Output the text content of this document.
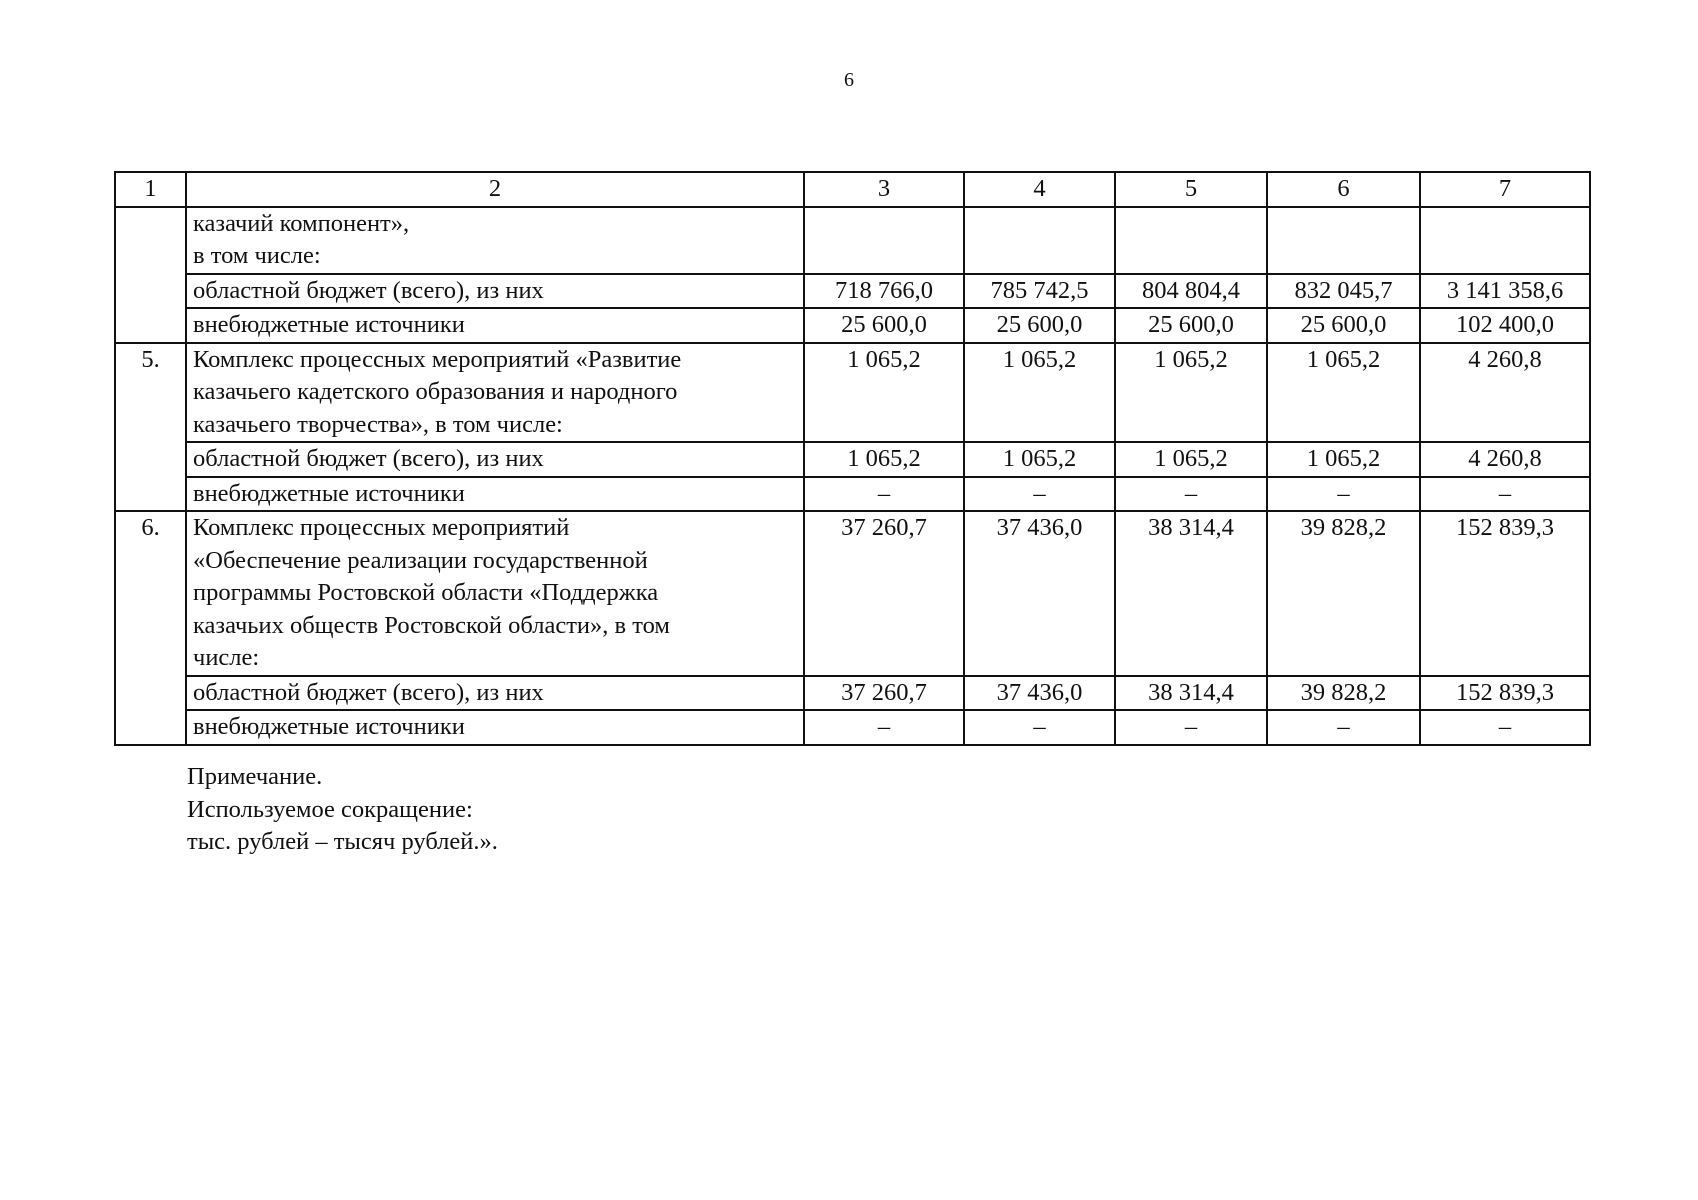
6
1	2	3	4	5	6	7

	казачий компонент»,
в том числе:					

	областной бюджет (всего), из них	718 766,0	785 742,5	804 804,4	832 045,7	3 141 358,6
	внебюджетные источники	25 600,0	25 600,0	25 600,0	25 600,0	102 400,0
5.	Комплекс процессных мероприятий «Развитие
казачьего кадетского образования и народного
казачьего творчества», в том числе:	1 065,2	1 065,2	1 065,2	1 065,2	4 260,8
	областной бюджет (всего), из них	1 065,2	1 065,2	1 065,2	1 065,2	4 260,8
	внебюджетные источники	–	–	–	–	–
6.	Комплекс процессных мероприятий
«Обеспечение реализации государственной
программы Ростовской области «Поддержка
казачьих обществ Ростовской области», в том
числе:	37 260,7	37 436,0	38 314,4	39 828,2	152 839,3
	областной бюджет (всего), из них	37 260,7	37 436,0	38 314,4	39 828,2	152 839,3
	внебюджетные источники	–	–	–	–	–
Примечание.
Используемое сокращение:
тыс. рублей – тысяч рублей.».
